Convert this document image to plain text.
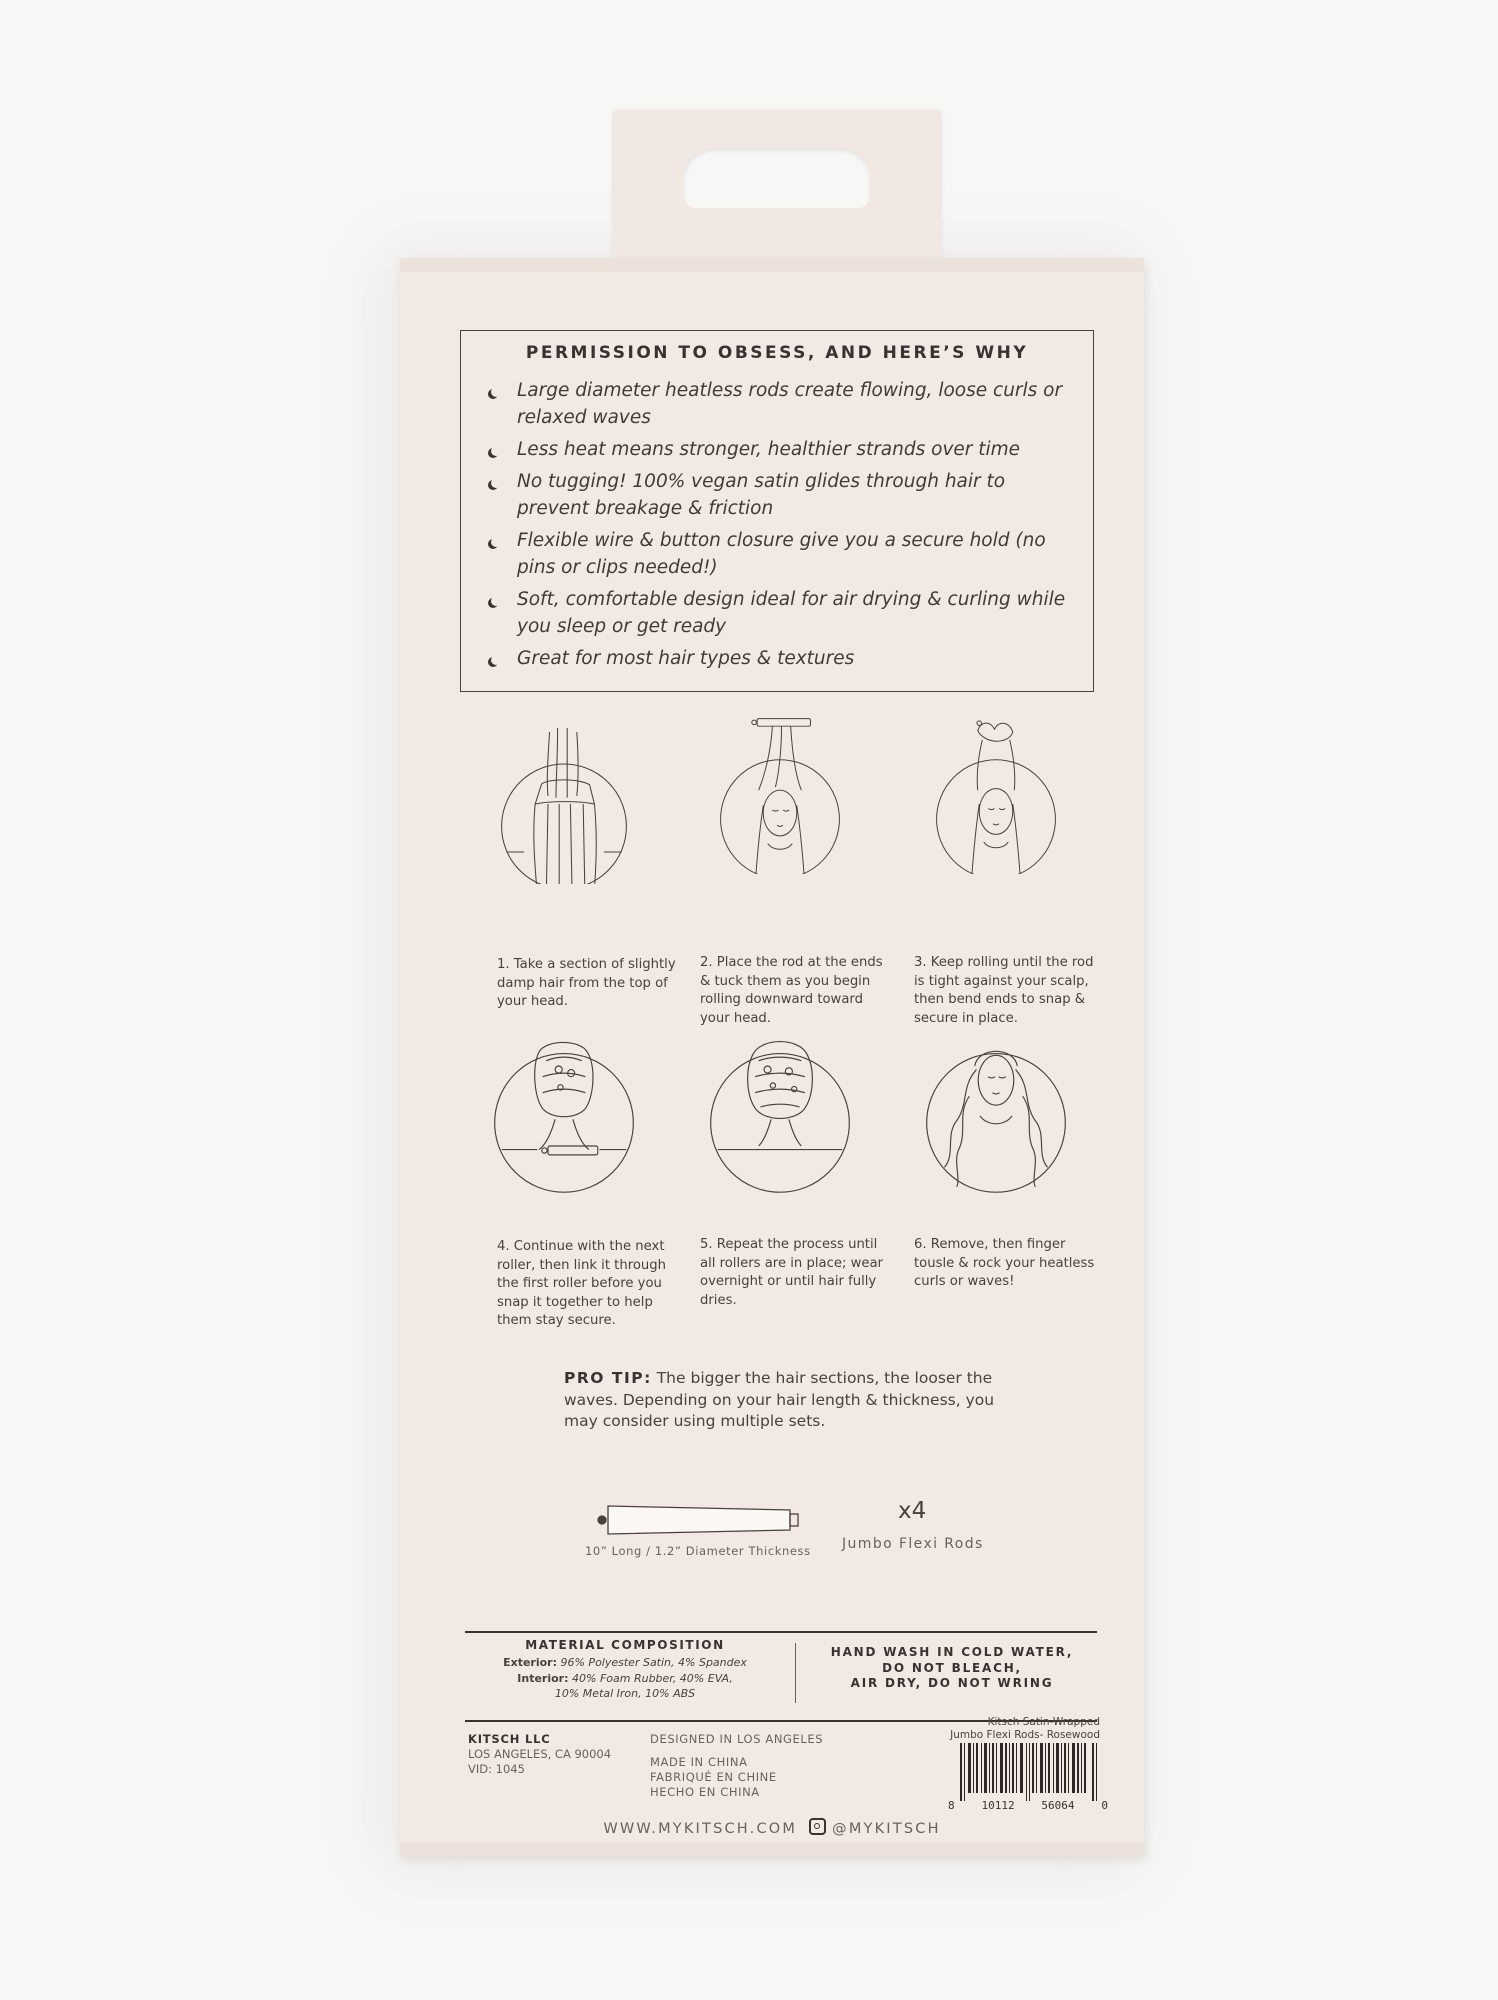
PERMISSION TO OBSESS, AND HERE’S WHY
Large diameter heatless rods create flowing, loose curls or relaxed waves
Less heat means stronger, healthier strands over time
No tugging! 100% vegan satin glides through hair to prevent breakage & friction
Flexible wire & button closure give you a secure hold (no pins or clips needed!)
Soft, comfortable design ideal for air drying & curling while you sleep or get ready
Great for most hair types & textures
1. Take a section of slightly damp hair from the top of your head.
2. Place the rod at the ends & tuck them as you begin rolling downward toward your head.
3. Keep rolling until the rod is tight against your scalp, then bend ends to snap & secure in place.
4. Continue with the next roller, then link it through the first roller before you snap it together to help them stay secure.
5. Repeat the process until all rollers are in place; wear overnight or until hair fully dries.
6. Remove, then finger tousle & rock your heatless curls or waves!
PRO TIP: The bigger the hair sections, the looser the waves. Depending on your hair length & thickness, you may consider using multiple sets.
10” Long / 1.2” Diameter Thickness
x4
Jumbo Flexi Rods
MATERIAL COMPOSITION
Exterior: 96% Polyester Satin, 4% Spandex
Interior: 40% Foam Rubber, 40% EVA,
10% Metal Iron, 10% ABS
HAND WASH IN COLD WATER,
DO NOT BLEACH,
AIR DRY, DO NOT WRING
KITSCH LLC
LOS ANGELES, CA 90004
VID: 1045
DESIGNED IN LOS ANGELES
MADE IN CHINA
FABRIQUÉ EN CHINE
HECHO EN CHINA
Kitsch Satin-Wrapped
Jumbo Flexi Rods- Rosewood
8 10112 56064 0
WWW.MYKITSCH.COM @MYKITSCH
